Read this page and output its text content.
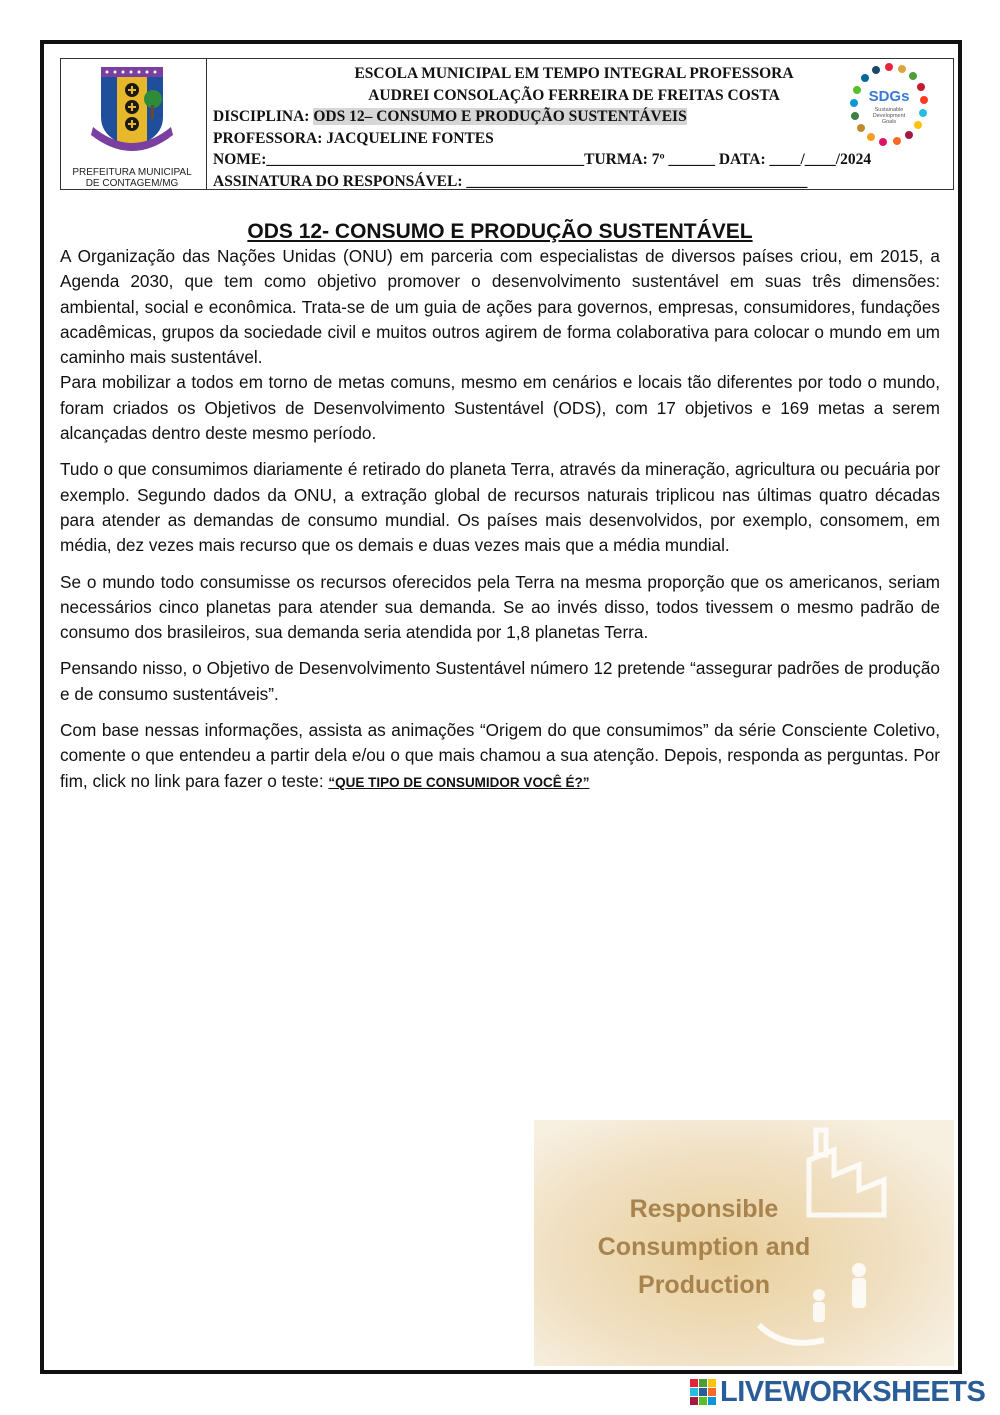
PREFEITURA MUNICIPAL
DE CONTAGEM/MG
ESCOLA MUNICIPAL EM TEMPO INTEGRAL PROFESSORA
AUDREI CONSOLAÇÃO FERREIRA DE FREITAS COSTA
DISCIPLINA: ODS 12– CONSUMO E PRODUÇÃO SUSTENTÁVEIS
PROFESSORA: JACQUELINE FONTES
NOME:_________________________________________TURMA: 7º ______ DATA: ____/____/2024
ASSINATURA DO RESPONSÁVEL: ____________________________________________
SDGs
Sustainable
Development
Goals
ODS 12- CONSUMO E PRODUÇÃO SUSTENTÁVEL

A Organização das Nações Unidas (ONU) em parceria com especialistas de diversos países criou, em 2015, a Agenda 2030, que tem como objetivo promover o desenvolvimento sustentável em suas três dimensões: ambiental, social e econômica. Trata-se de um guia de ações para governos, empresas, consumidores, fundações acadêmicas, grupos da sociedade civil e muitos outros agirem de forma colaborativa para colocar o mundo em um caminho mais sustentável.

Para mobilizar a todos em torno de metas comuns, mesmo em cenários e locais tão diferentes por todo o mundo, foram criados os Objetivos de Desenvolvimento Sustentável (ODS), com 17 objetivos e 169 metas a serem alcançadas dentro deste mesmo período.

Tudo o que consumimos diariamente é retirado do planeta Terra, através da mineração, agricultura ou pecuária por exemplo. Segundo dados da ONU, a extração global de recursos naturais triplicou nas últimas quatro décadas para atender as demandas de consumo mundial. Os países mais desenvolvidos, por exemplo, consomem, em média, dez vezes mais recurso que os demais e duas vezes mais que a média mundial.

Se o mundo todo consumisse os recursos oferecidos pela Terra na mesma proporção que os americanos, seriam necessários cinco planetas para atender sua demanda. Se ao invés disso, todos tivessem o mesmo padrão de consumo dos brasileiros, sua demanda seria atendida por 1,8 planetas Terra.

Pensando nisso, o Objetivo de Desenvolvimento Sustentável número 12 pretende “assegurar padrões de produção e de consumo sustentáveis”.

Com base nessas informações, assista as animações “Origem do que consumimos” da série Consciente Coletivo, comente o que entendeu a partir dela e/ou o que mais chamou a sua atenção. Depois, responda as perguntas. Por fim, click no link para fazer o teste: “QUE TIPO DE CONSUMIDOR VOCÊ É?”

Responsible
Consumption and
Production
LIVEWORKSHEETS
